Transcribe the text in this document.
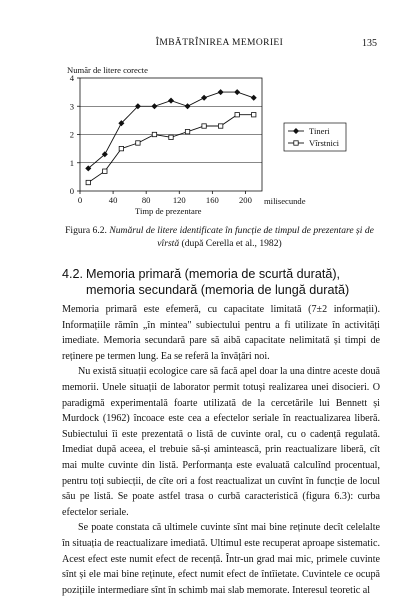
ÎMBĂTRÎNIREA MEMORIEI	135
Număr de litere corecte
0
1
2
3
4
0	40	80	120 160 200
Tineri
Vîrstnici
Timp de prezentare
milisecunde
Figura 6.2. Numărul de litere identificate în funcție de timpul de prezentare și de vîrstă (după Cerella et al., 1982)
4.2. Memoria primară (memoria de scurtă durată),
memoria secundară (memoria de lungă durată)

Memoria primară este efemeră, cu capacitate limitată (7±2 informații). Informațiile rămîn „în mintea" subiectului pentru a fi utilizate în activități imediate. Memoria secundară pare să aibă capacitate nelimitată și timpi de reținere pe termen lung. Ea se referă la învățări noi.

Nu există situații ecologice care să facă apel doar la una dintre aceste două memorii. Unele situații de laborator permit totuși realizarea unei disocieri. O paradigmă experimentală foarte utilizată de la cercetările lui Bennett și Murdock (1962) încoace este cea a efectelor seriale în reactualizarea liberă. Subiectului îi este prezentată o listă de cuvinte oral, cu o cadență regulată. Imediat după aceea, el trebuie să-și amintească, prin reactualizare liberă, cît mai multe cuvinte din listă. Performanța este evaluată calculînd procentual, pentru toți subiecții, de cîte ori a fost reactualizat un cuvînt în funcție de locul său pe listă. Se poate astfel trasa o curbă caracteristică (figura 6.3): curba efectelor seriale.

Se poate constata că ultimele cuvinte sînt mai bine reținute decît celelalte în situația de reactualizare imediată. Ultimul este recuperat aproape sistematic. Acest efect este numit efect de recență. Într-un grad mai mic, primele cuvinte sînt și ele mai bine reținute, efect numit efect de întîietate. Cuvintele ce ocupă pozițiile intermediare sînt în schimb mai slab memorate. Interesul teoretic al
